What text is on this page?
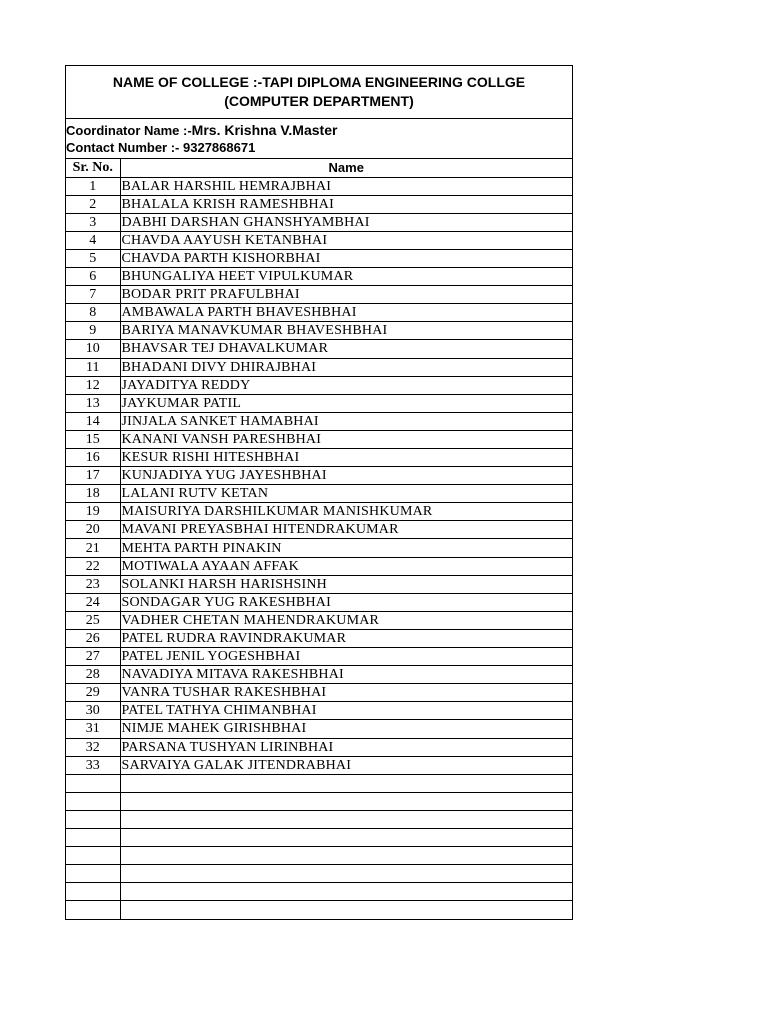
NAME OF COLLEGE :-TAPI DIPLOMA ENGINEERING COLLGE
(COMPUTER DEPARTMENT)
Coordinator Name :-Mrs. Krishna V.Master
Contact Number :- 9327868671
Sr. No.	Name
1	BALAR HARSHIL HEMRAJBHAI
2	BHALALA KRISH RAMESHBHAI
3	DABHI DARSHAN GHANSHYAMBHAI
4	CHAVDA AAYUSH KETANBHAI
5	CHAVDA PARTH KISHORBHAI
6	BHUNGALIYA HEET VIPULKUMAR
7	BODAR PRIT PRAFULBHAI
8	AMBAWALA PARTH BHAVESHBHAI
9	BARIYA MANAVKUMAR BHAVESHBHAI
10	BHAVSAR TEJ DHAVALKUMAR
11	BHADANI DIVY DHIRAJBHAI
12	JAYADITYA REDDY
13	JAYKUMAR PATIL
14	JINJALA SANKET HAMABHAI
15	KANANI VANSH PARESHBHAI
16	KESUR RISHI HITESHBHAI
17	KUNJADIYA YUG JAYESHBHAI
18	LALANI RUTV KETAN
19	MAISURIYA DARSHILKUMAR MANISHKUMAR
20	MAVANI PREYASBHAI HITENDRAKUMAR
21	MEHTA PARTH PINAKIN
22	MOTIWALA AYAAN AFFAK
23	SOLANKI HARSH HARISHSINH
24	SONDAGAR YUG RAKESHBHAI
25	VADHER CHETAN MAHENDRAKUMAR
26	PATEL RUDRA RAVINDRAKUMAR
27	PATEL JENIL YOGESHBHAI
28	NAVADIYA MITAVA RAKESHBHAI
29	VANRA TUSHAR RAKESHBHAI
30	PATEL TATHYA CHIMANBHAI
31	NIMJE MAHEK GIRISHBHAI
32	PARSANA TUSHYAN LIRINBHAI
33	SARVAIYA GALAK JITENDRABHAI
